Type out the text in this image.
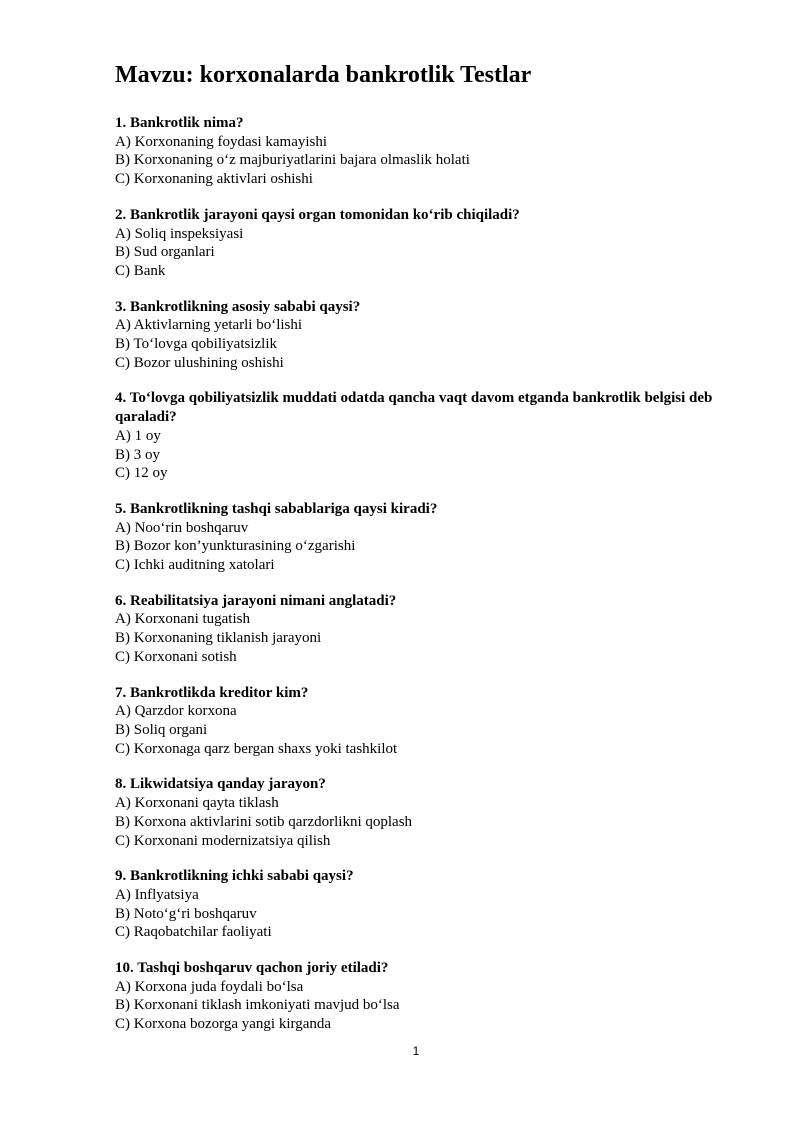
Mavzu: korxonalarda bankrotlik Testlar
1. Bankrotlik nima?
A) Korxonaning foydasi kamayishi
B) Korxonaning o‘z majburiyatlarini bajara olmaslik holati
C) Korxonaning aktivlari oshishi
2. Bankrotlik jarayoni qaysi organ tomonidan ko‘rib chiqiladi?
A) Soliq inspeksiyasi
B) Sud organlari
C) Bank
3. Bankrotlikning asosiy sababi qaysi?
A) Aktivlarning yetarli bo‘lishi
B) To‘lovga qobiliyatsizlik
C) Bozor ulushining oshishi
4. To‘lovga qobiliyatsizlik muddati odatda qancha vaqt davom etganda bankrotlik belgisi deb qaraladi?
A) 1 oy
B) 3 oy
C) 12 oy
5. Bankrotlikning tashqi sabablariga qaysi kiradi?
A) Noo‘rin boshqaruv
B) Bozor kon’yunkturasining o‘zgarishi
C) Ichki auditning xatolari
6. Reabilitatsiya jarayoni nimani anglatadi?
A) Korxonani tugatish
B) Korxonaning tiklanish jarayoni
C) Korxonani sotish
7. Bankrotlikda kreditor kim?
A) Qarzdor korxona
B) Soliq organi
C) Korxonaga qarz bergan shaxs yoki tashkilot
8. Likwidatsiya qanday jarayon?
A) Korxonani qayta tiklash
B) Korxona aktivlarini sotib qarzdorlikni qoplash
C) Korxonani modernizatsiya qilish
9. Bankrotlikning ichki sababi qaysi?
A) Inflyatsiya
B) Noto‘g‘ri boshqaruv
C) Raqobatchilar faoliyati
10. Tashqi boshqaruv qachon joriy etiladi?
A) Korxona juda foydali bo‘lsa
B) Korxonani tiklash imkoniyati mavjud bo‘lsa
C) Korxona bozorga yangi kirganda
1
